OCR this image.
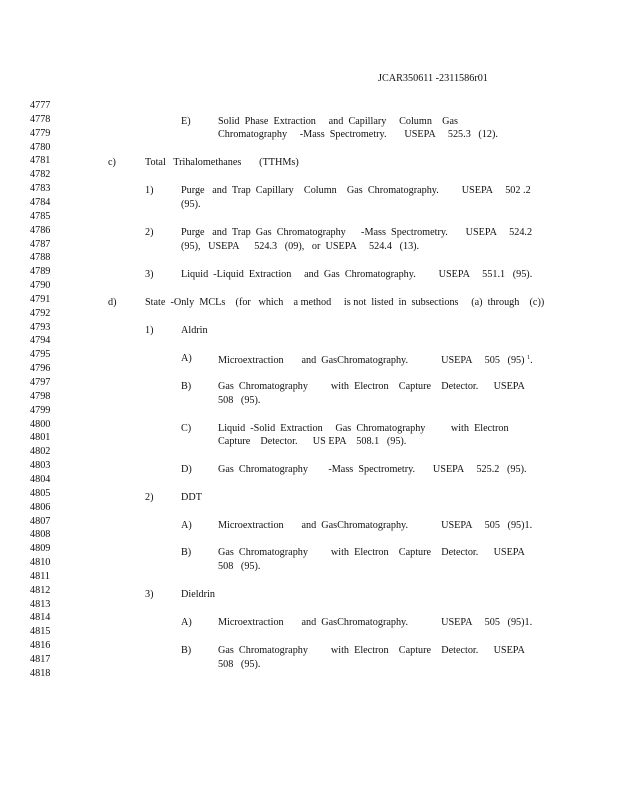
JCAR350611 -2311586r01
4777
4778
4779
4780
4781
4782
4783
4784
4785
4786
4787
4788
4789
4790
4791
4792
4793
4794
4795
4796
4797
4798
4799
4800
4801
4802
4803
4804
4805
4806
4807
4808
4809
4810
4811
4812
4813
4814
4815
4816
4817
4818
E)	Solid  Phase  Extraction     and  Capillary     Column    Gas
Chromatography     -Mass  Spectrometry.       USEPA     525.3   (12).
c)	Total   Trihalomethanes       (TTHMs)
1)	Purge   and  Trap  Capillary    Column    Gas  Chromatography.         USEPA     502 .2
(95).
2)	Purge   and  Trap  Gas  Chromatography      -Mass  Spectrometry.       USEPA     524.2
(95),   USEPA      524.3   (09),   or  USEPA     524.4   (13).
3)	Liquid  -Liquid  Extraction     and  Gas  Chromatography.         USEPA     551.1   (95).
d)	State  -Only  MCLs    (for   which    a method     is not  listed  in  subsections     (a)  through    (c))
1)	Aldrin
A)	Microextraction       and  GasChromatography.             USEPA     505   (95) $^1$.
B)	Gas  Chromatography         with  Electron    Capture    Detector.      USEPA
508   (95).
C)	Liquid  -Solid  Extraction     Gas  Chromatography          with  Electron
Capture    Detector.      US EPA    508.1   (95).
D)	Gas  Chromatography        -Mass  Spectrometry.       USEPA     525.2   (95).
2)	DDT
A)	Microextraction       and  GasChromatography.             USEPA     505   (95)1.
B)	Gas  Chromatography         with  Electron    Capture    Detector.      USEPA
508   (95).
3)	Dieldrin
A)	Microextraction       and  GasChromatography.             USEPA     505   (95)1.
B)	Gas  Chromatography         with  Electron    Capture    Detector.      USEPA
508   (95).
